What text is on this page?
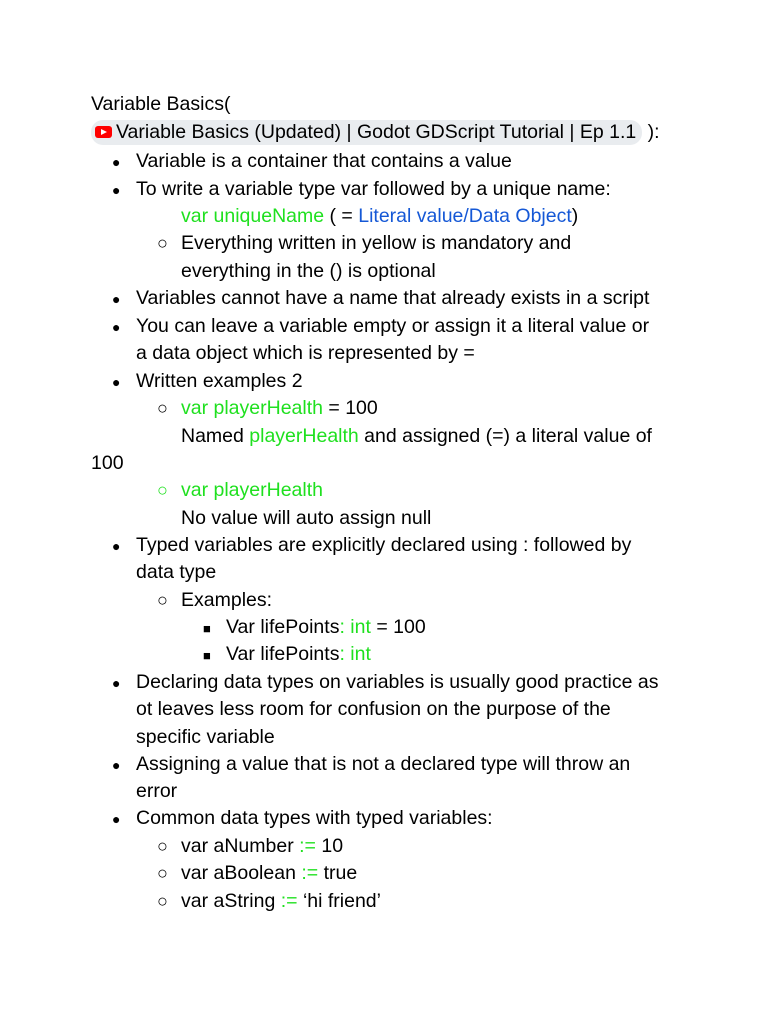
Variable Basics(
Variable Basics (Updated) | Godot GDScript Tutorial | Ep 1.1 ):
● Variable is a container that contains a value
● To write a variable type var followed by a unique name:
var uniqueName ( = Literal value/Data Object)
○ Everything written in yellow is mandatory and
everything in the () is optional
● Variables cannot have a name that already exists in a script
● You can leave a variable empty or assign it a literal value or
a data object which is represented by =
● Written examples 2
○ var playerHealth = 100
Named playerHealth and assigned (=) a literal value of
100
○ var playerHealth
No value will auto assign null
● Typed variables are explicitly declared using : followed by
data type
○ Examples:
■ Var lifePoints: int = 100
■ Var lifePoints: int
● Declaring data types on variables is usually good practice as
ot leaves less room for confusion on the purpose of the
specific variable
● Assigning a value that is not a declared type will throw an
error
● Common data types with typed variables:
○ var aNumber := 10
○ var aBoolean := true
○ var aString := ‘hi friend’
